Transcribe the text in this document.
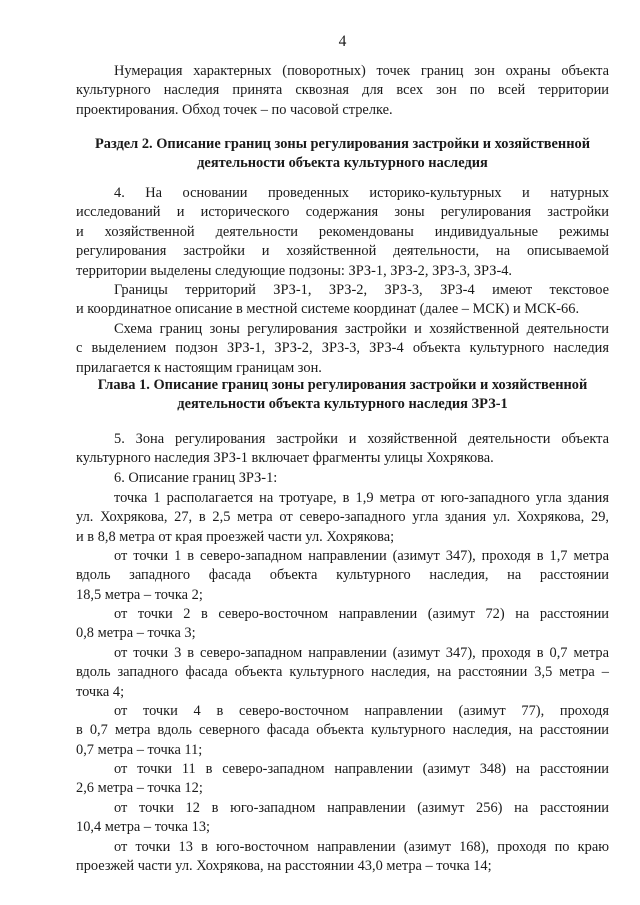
4
Нумерация характерных (поворотных) точек границ зон охраны объекта
культурного наследия принята сквозная для всех зон по всей территории
проектирования. Обход точек – по часовой стрелке.
Раздел 2. Описание границ зоны регулирования застройки и хозяйственной
деятельности объекта культурного наследия
4. На основании проведенных историко-культурных и натурных
исследований и исторического содержания зоны регулирования застройки
и хозяйственной деятельности рекомендованы индивидуальные режимы
регулирования застройки и хозяйственной деятельности, на описываемой
территории выделены следующие подзоны: ЗРЗ-1, ЗРЗ-2, ЗРЗ-3, ЗРЗ-4.
Границы территорий ЗРЗ-1, ЗРЗ-2, ЗРЗ-3, ЗРЗ-4 имеют текстовое
и координатное описание в местной системе координат (далее – МСК) и МСК-66.
Схема границ зоны регулирования застройки и хозяйственной деятельности
с выделением подзон ЗРЗ-1, ЗРЗ-2, ЗРЗ-3, ЗРЗ-4 объекта культурного наследия
прилагается к настоящим границам зон.
Глава 1. Описание границ зоны регулирования застройки и хозяйственной
деятельности объекта культурного наследия ЗРЗ-1
5. Зона регулирования застройки и хозяйственной деятельности объекта
культурного наследия ЗРЗ-1 включает фрагменты улицы Хохрякова.
6. Описание границ ЗРЗ-1:
точка 1 располагается на тротуаре, в 1,9 метра от юго-западного угла здания
ул. Хохрякова, 27, в 2,5 метра от северо-западного угла здания ул. Хохрякова, 29,
и в 8,8 метра от края проезжей части ул. Хохрякова;
от точки 1 в северо-западном направлении (азимут 347), проходя в 1,7 метра
вдоль западного фасада объекта культурного наследия, на расстоянии
18,5 метра – точка 2;
от точки 2 в северо-восточном направлении (азимут 72) на расстоянии
0,8 метра – точка 3;
от точки 3 в северо-западном направлении (азимут 347), проходя в 0,7 метра
вдоль западного фасада объекта культурного наследия, на расстоянии 3,5 метра –
точка 4;
от точки 4 в северо-восточном направлении (азимут 77), проходя
в 0,7 метра вдоль северного фасада объекта культурного наследия, на расстоянии
0,7 метра – точка 11;
от точки 11 в северо-западном направлении (азимут 348) на расстоянии
2,6 метра – точка 12;
от точки 12 в юго-западном направлении (азимут 256) на расстоянии
10,4 метра – точка 13;
от точки 13 в юго-восточном направлении (азимут 168), проходя по краю
проезжей части ул. Хохрякова, на расстоянии 43,0 метра – точка 14;
